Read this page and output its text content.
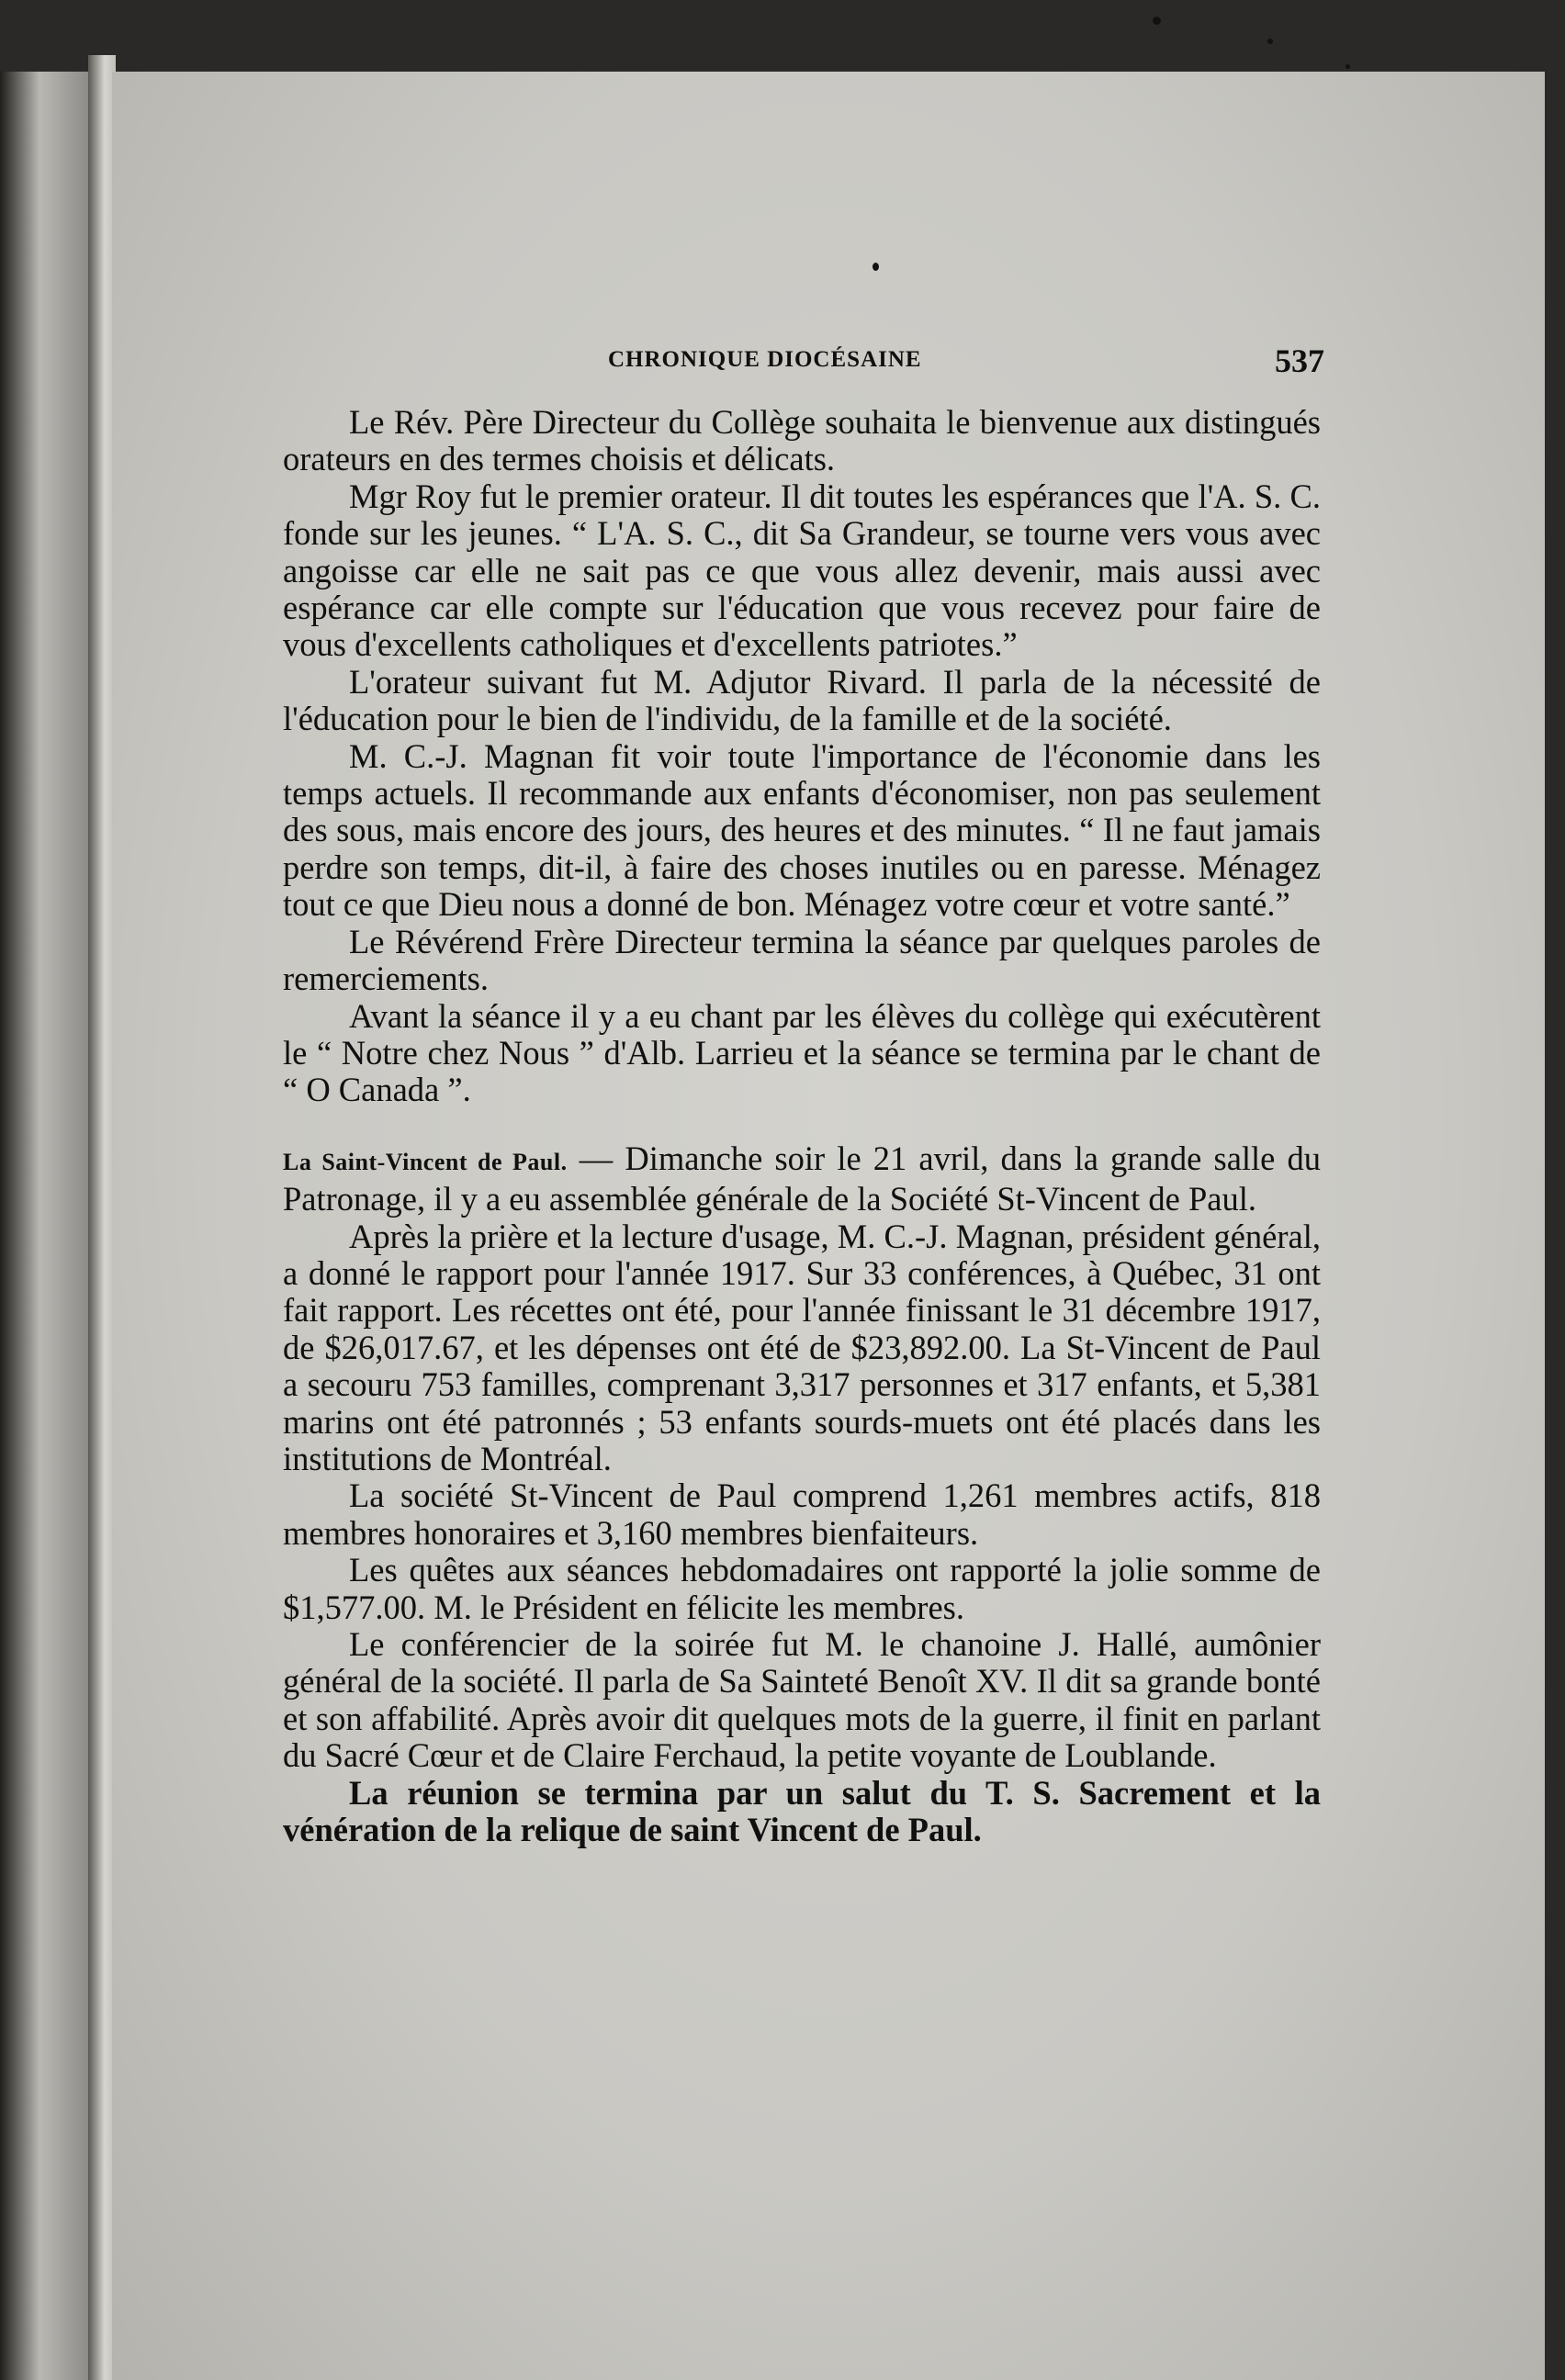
CHRONIQUE DIOCÉSAINE	537

Le Rév. Père Directeur du Collège souhaita le bienvenue aux distingués orateurs en des termes choisis et délicats.

Mgr Roy fut le premier orateur. Il dit toutes les espérances que l'A. S. C. fonde sur les jeunes. “ L'A. S. C., dit Sa Grandeur, se tourne vers vous avec angoisse car elle ne sait pas ce que vous allez devenir, mais aussi avec espérance car elle compte sur l'éducation que vous recevez pour faire de vous d'excellents catholiques et d'excellents patriotes.”

L'orateur suivant fut M. Adjutor Rivard. Il parla de la nécessité de l'éducation pour le bien de l'individu, de la famille et de la société.

M. C.-J. Magnan fit voir toute l'importance de l'économie dans les temps actuels. Il recommande aux enfants d'économiser, non pas seulement des sous, mais encore des jours, des heures et des minutes. “ Il ne faut jamais perdre son temps, dit-il, à faire des choses inutiles ou en paresse. Ménagez tout ce que Dieu nous a donné de bon. Ménagez votre cœur et votre santé.”

Le Révérend Frère Directeur termina la séance par quelques paroles de remerciements.

Avant la séance il y a eu chant par les élèves du collège qui exécutèrent le “ Notre chez Nous ” d'Alb. Larrieu et la séance se termina par le chant de “ O Canada ”.

La Saint-Vincent de Paul. — Dimanche soir le 21 avril, dans la grande salle du Patronage, il y a eu assemblée générale de la Société St-Vincent de Paul.

Après la prière et la lecture d'usage, M. C.-J. Magnan, président général, a donné le rapport pour l'année 1917. Sur 33 conférences, à Québec, 31 ont fait rapport. Les récettes ont été, pour l'année finissant le 31 décembre 1917, de $26,017.67, et les dépenses ont été de $23,892.00. La St-Vincent de Paul a secouru 753 familles, comprenant 3,317 personnes et 317 enfants, et 5,381 marins ont été patronnés ; 53 enfants sourds-muets ont été placés dans les institutions de Montréal.

La société St-Vincent de Paul comprend 1,261 membres actifs, 818 membres honoraires et 3,160 membres bienfaiteurs.

Les quêtes aux séances hebdomadaires ont rapporté la jolie somme de $1,577.00. M. le Président en félicite les membres.

Le conférencier de la soirée fut M. le chanoine J. Hallé, aumônier général de la société. Il parla de Sa Sainteté Benoît XV. Il dit sa grande bonté et son affabilité. Après avoir dit quelques mots de la guerre, il finit en parlant du Sacré Cœur et de Claire Ferchaud, la petite voyante de Loublande.

La réunion se termina par un salut du T. S. Sacrement et la vénération de la relique de saint Vincent de Paul.
